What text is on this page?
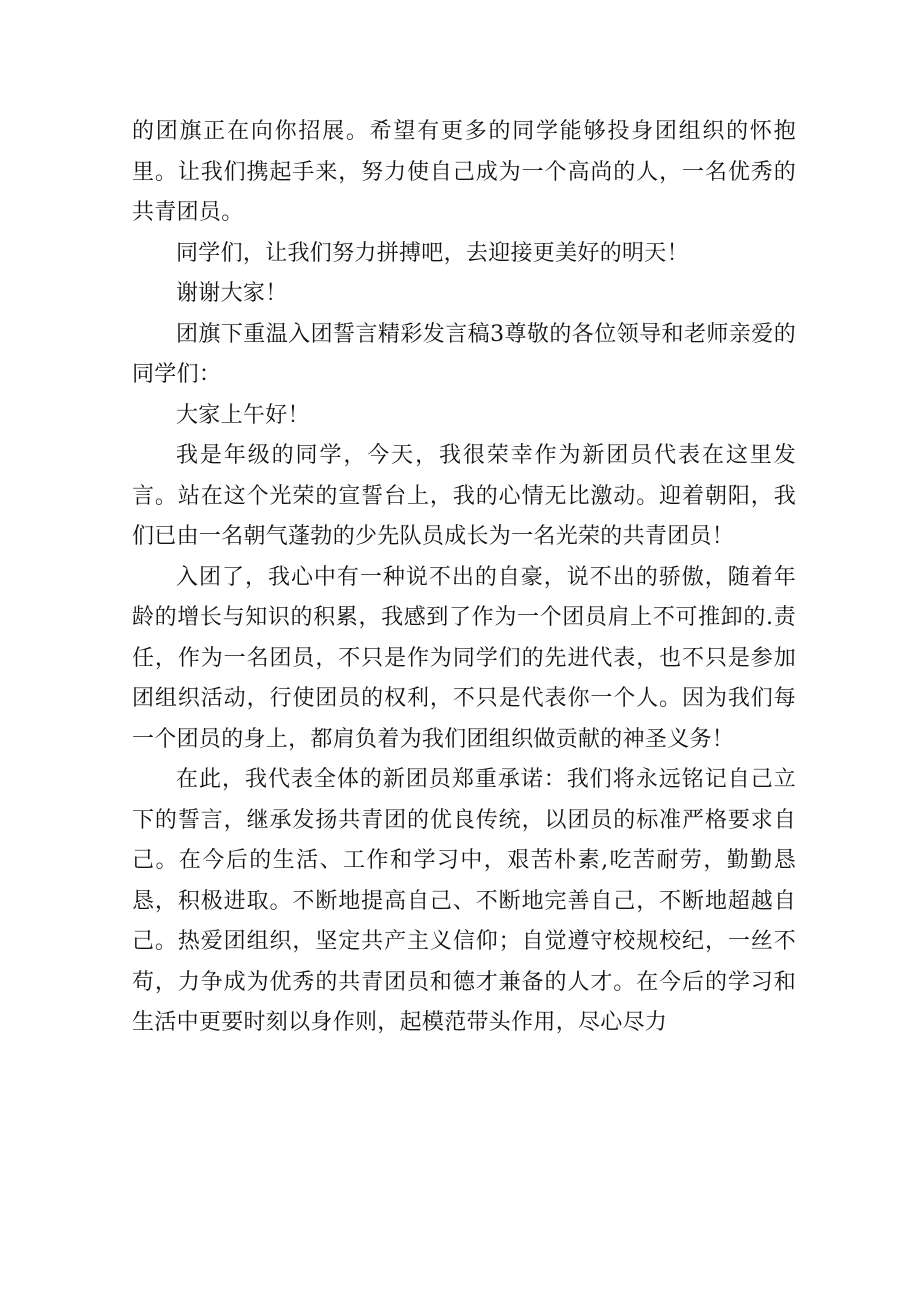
的团旗正在向你招展。希望有更多的同学能够投身团组织的怀抱里。让我们携起手来，努力使自己成为一个高尚的人，一名优秀的共青团员。

同学们，让我们努力拼搏吧，去迎接更美好的明天！

谢谢大家！

团旗下重温入团誓言精彩发言稿3尊敬的各位领导和老师亲爱的同学们：

大家上午好！

我是年级的同学，今天，我很荣幸作为新团员代表在这里发言。站在这个光荣的宣誓台上，我的心情无比激动。迎着朝阳，我们已由一名朝气蓬勃的少先队员成长为一名光荣的共青团员！

入团了，我心中有一种说不出的自豪，说不出的骄傲，随着年龄的增长与知识的积累，我感到了作为一个团员肩上不可推卸的.责任，作为一名团员，不只是作为同学们的先进代表，也不只是参加团组织活动，行使团员的权利，不只是代表你一个人。因为我们每一个团员的身上，都肩负着为我们团组织做贡献的神圣义务！

在此，我代表全体的新团员郑重承诺：我们将永远铭记自己立下的誓言，继承发扬共青团的优良传统，以团员的标准严格要求自己。在今后的生活、工作和学习中，艰苦朴素,吃苦耐劳，勤勤恳恳，积极进取。不断地提高自己、不断地完善自己，不断地超越自己。热爱团组织，坚定共产主义信仰；自觉遵守校规校纪，一丝不苟，力争成为优秀的共青团员和德才兼备的人才。在今后的学习和生活中更要时刻以身作则，起模范带头作用，尽心尽力
